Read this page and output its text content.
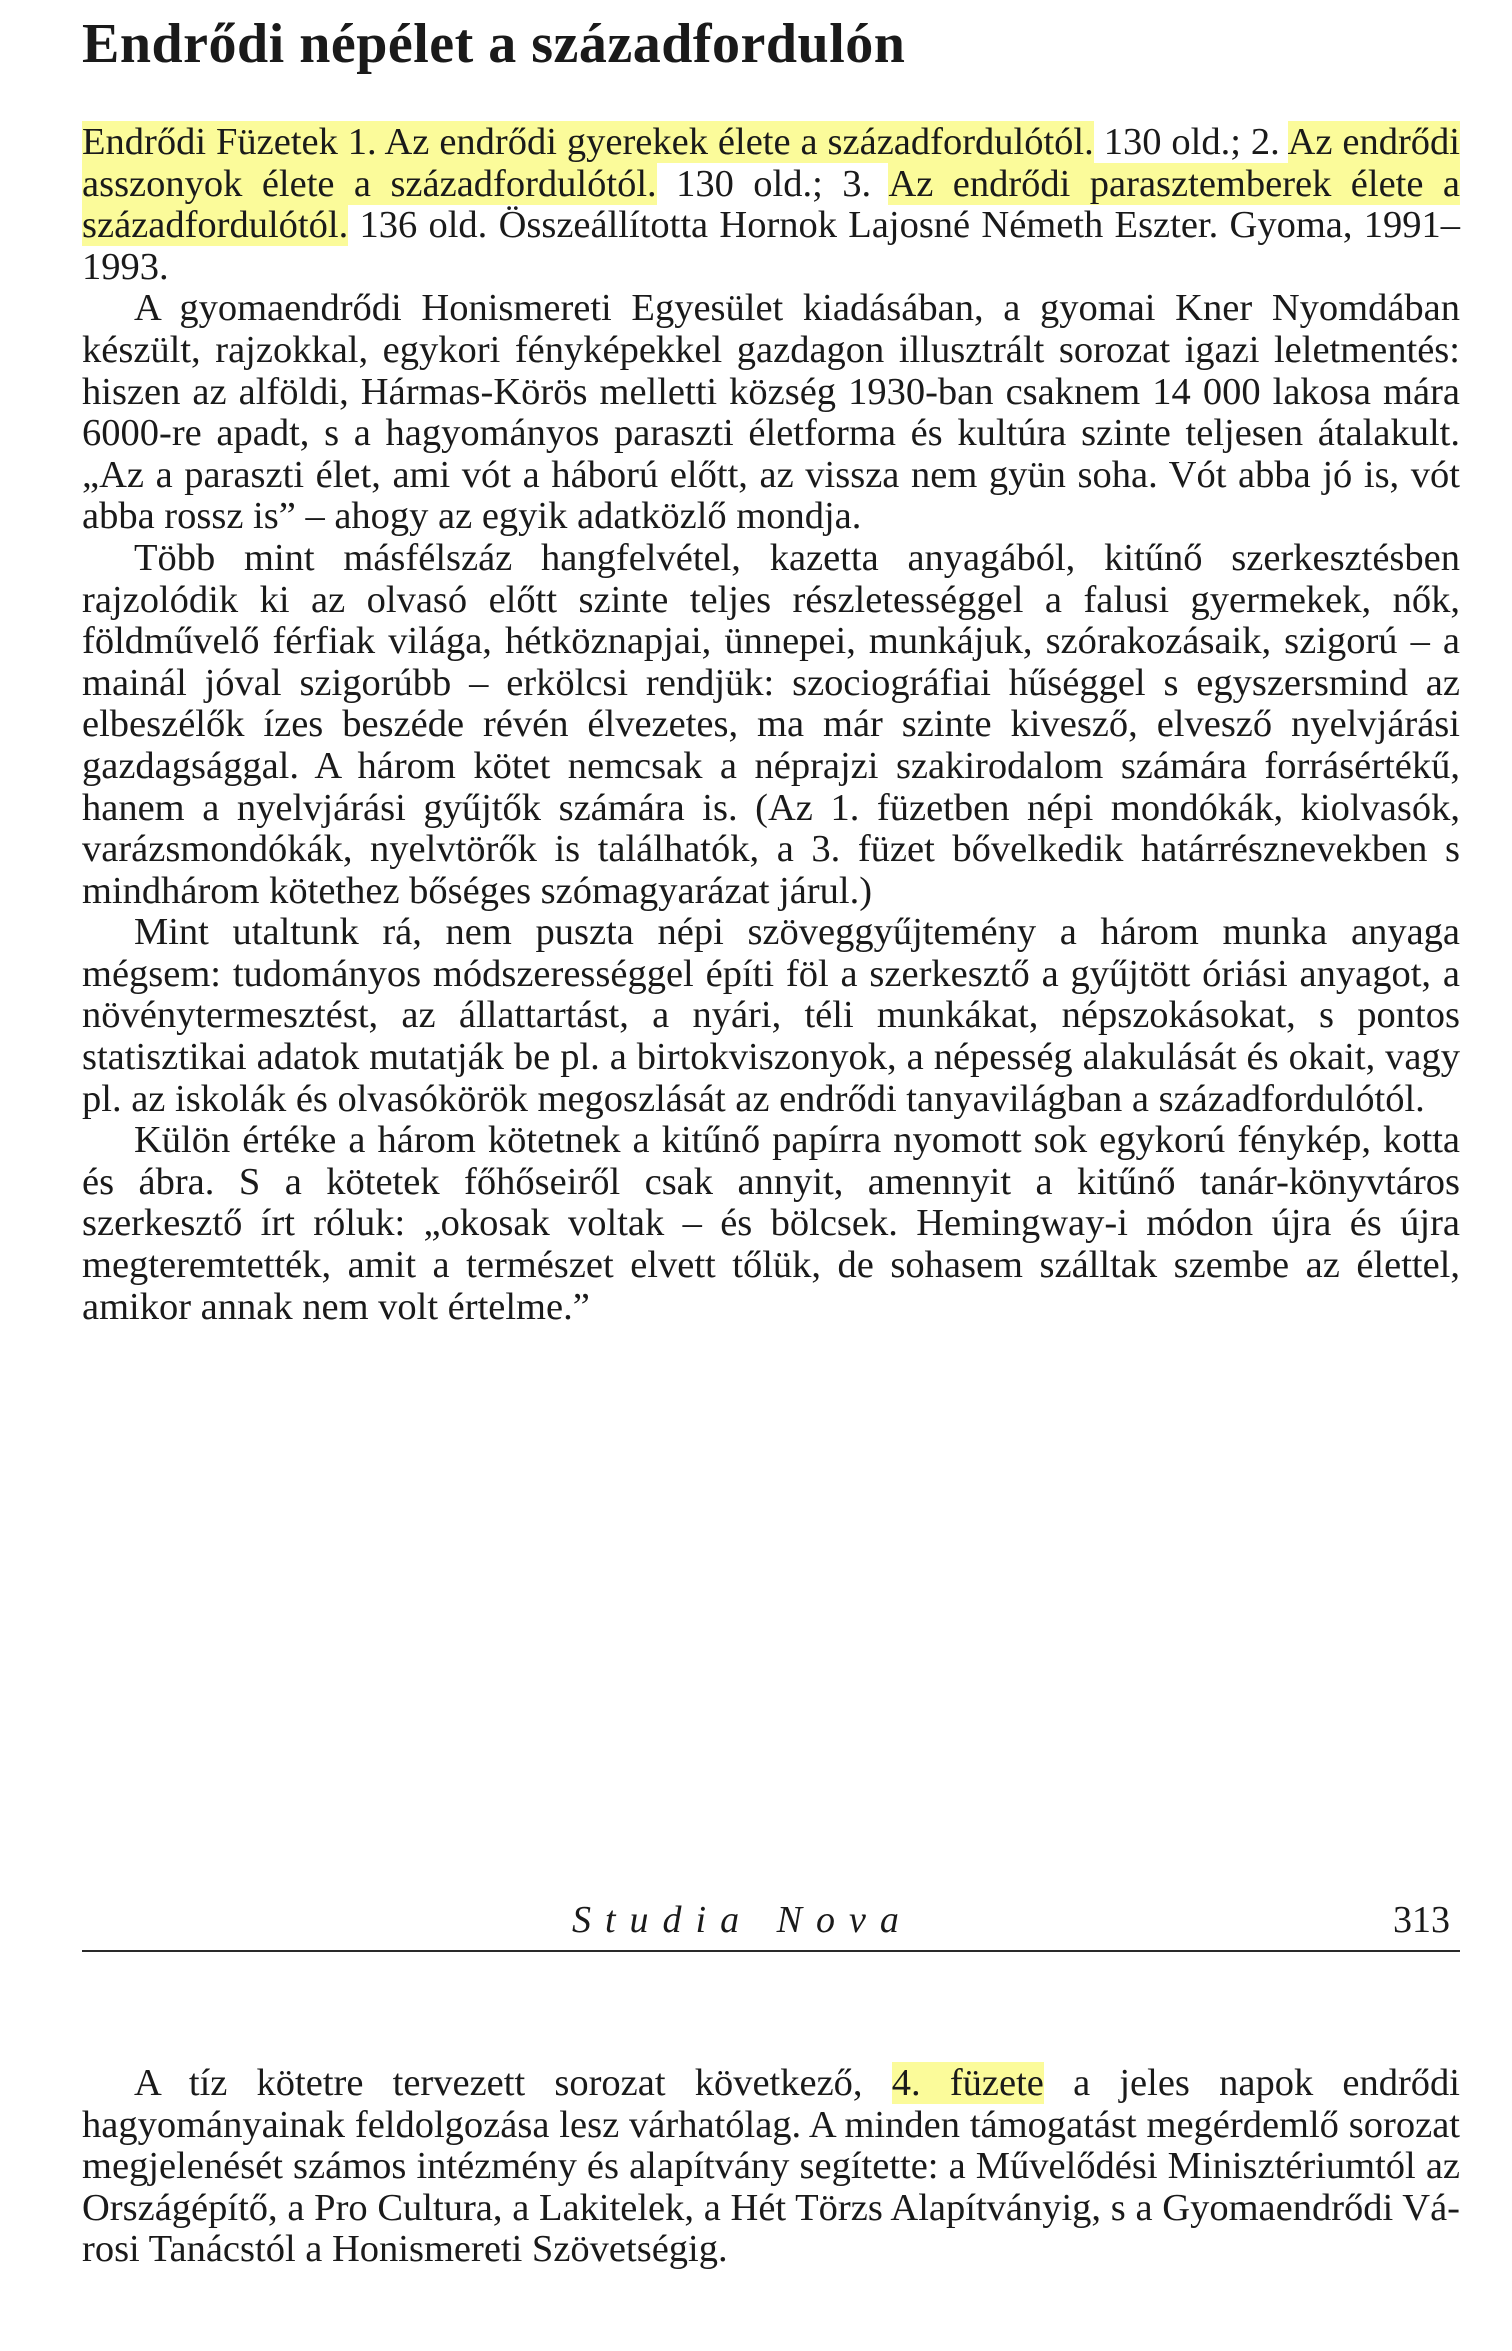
Endrődi népélet a századfordulón

Endrődi Füzetek 1. Az endrődi gyerekek élete a századfordulótól. 130 old.; 2. Az endrődi asszonyok élete a századfordulótól. 130 old.; 3. Az endrődi parasztemberek élete a századfordulótól. 136 old. Összeállította Hornok Lajosné Németh Eszter. Gyoma, 1991–1993.

A gyomaendrődi Honismereti Egyesület kiadásában, a gyomai Kner Nyomdában készült, rajzokkal, egykori fényképekkel gazdagon illusztrált sorozat igazi leletmentés: hiszen az alföldi, Hármas-Körös melletti község 1930-ban csaknem 14 000 lakosa mára 6000-re apadt, s a hagyományos paraszti életforma és kultúra szinte teljesen átalakult. „Az a paraszti élet, ami vót a háború előtt, az vissza nem gyün soha. Vót abba jó is, vót abba rossz is” – ahogy az egyik adatközlő mondja.

Több mint másfélszáz hangfelvétel, kazetta anyagából, kitűnő szerkesztésben rajzolódik ki az olvasó előtt szinte teljes részletességgel a falusi gyermekek, nők, földművelő férfiak világa, hétköznapjai, ünnepei, munkájuk, szórakozásaik, szigorú – a mainál jóval szigorúbb – erkölcsi rendjük: szociográfiai hűséggel s egyszersmind az elbeszélők ízes beszéde révén élvezetes, ma már szinte kivesző, elvesző nyelvjárási gazdagsággal. A három kötet nemcsak a néprajzi szakirodalom számára forrásértékű, hanem a nyelvjárási gyűjtők számára is. (Az 1. füzetben népi mondókák, kiolvasók, varázsmondókák, nyelvtörők is találhatók, a 3. füzet bővelkedik határrésznevekben s mindhárom kötethez bőséges szómagyarázat járul.)

Mint utaltunk rá, nem puszta népi szöveggyűjtemény a három munka anyaga mégsem: tudományos módszerességgel építi föl a szerkesztő a gyűjtött óriási anyagot, a növénytermesztést, az állattartást, a nyári, téli munkákat, népszokásokat, s pontos statisztikai adatok mutatják be pl. a birtokviszonyok, a népesség alakulását és okait, vagy pl. az iskolák és olvasókörök megoszlását az endrődi tanyavilágban a századfordulótól.

Külön értéke a három kötetnek a kitűnő papírra nyomott sok egykorú fénykép, kotta és ábra. S a kötetek főhőseiről csak annyit, amennyit a kitűnő tanár-könyvtáros szerkesztő írt róluk: „okosak voltak – és bölcsek. Hemingway-i módon újra és újra megteremtették, amit a természet elvett tőlük, de sohasem szálltak szembe az élettel, amikor annak nem volt értelme.”

Studia Nova	313

A tíz kötetre tervezett sorozat következő, 4. füzete a jeles napok endrődi hagyományainak feldolgozása lesz várhatólag. A minden támogatást megérdemlő sorozat megjelenését számos intézmény és alapítvány segítette: a Művelődési Minisztériumtól az Országépítő, a Pro Cultura, a Lakitelek, a Hét Törzs Alapítványig, s a Gyomaendrődi Városi Tanácstól a Honismereti Szövetségig.
